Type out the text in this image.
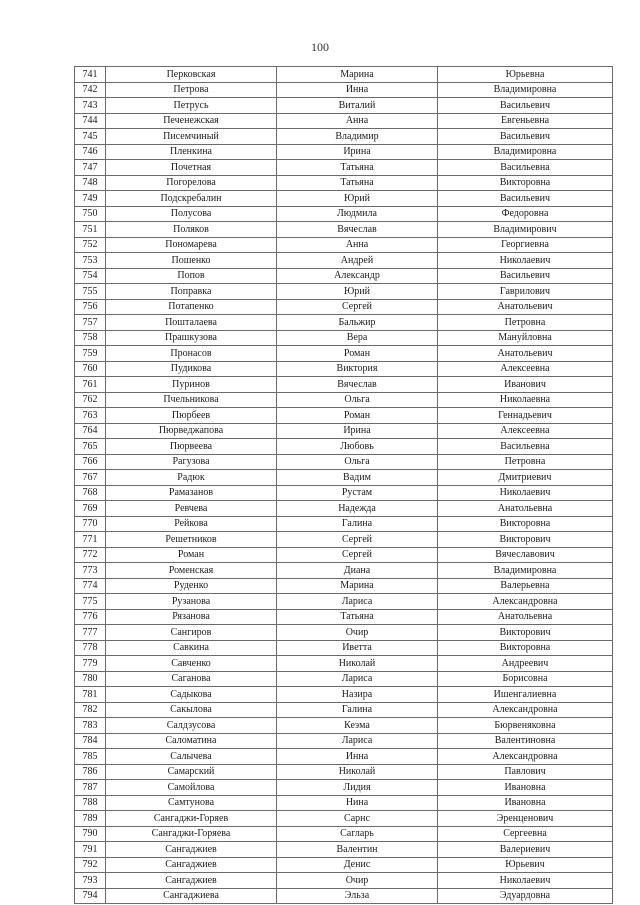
100
741	Перковская	Марина	Юрьевна
742	Петрова	Инна	Владимировна
743	Петрусь	Виталий	Васильевич
744	Печенежская	Анна	Евгеньевна
745	Писемчиный	Владимир	Васильевич
746	Пленкина	Ирина	Владимировна
747	Почетная	Татьяна	Васильевна
748	Погорелова	Татьяна	Викторовна
749	Подскребалин	Юрий	Васильевич
750	Полусова	Людмила	Федоровна
751	Поляков	Вячеслав	Владимирович
752	Пономарева	Анна	Георгиевна
753	Пошенко	Андрей	Николаевич
754	Попов	Александр	Васильевич
755	Поправка	Юрий	Гаврилович
756	Потапенко	Сергей	Анатольевич
757	Пошталаева	Бальжир	Петровна
758	Прашкузова	Вера	Мануйловна
759	Пронасов	Роман	Анатольевич
760	Пудикова	Виктория	Алексеевна
761	Пуринов	Вячеслав	Иванович
762	Пчельникова	Ольга	Николаевна
763	Пюрбеев	Роман	Геннадьевич
764	Пюрведжапова	Ирина	Алексеевна
765	Пюрвеева	Любовь	Васильевна
766	Рагузова	Ольга	Петровна
767	Радюк	Вадим	Дмитриевич
768	Рамазанов	Рустам	Николаевич
769	Ревчева	Надежда	Анатольевна
770	Рейкова	Галина	Викторовна
771	Решетников	Сергей	Викторович
772	Роман	Сергей	Вячеславович
773	Роменская	Диана	Владимировна
774	Руденко	Марина	Валерьевна
775	Рузанова	Лариса	Александровна
776	Рязанова	Татьяна	Анатольевна
777	Сангиров	Очир	Викторович
778	Савкина	Иветта	Викторовна
779	Савченко	Николай	Андреевич
780	Саганова	Лариса	Борисовна
781	Садыкова	Назира	Ишенгалиевна
782	Сакылова	Галина	Александровна
783	Салдзусова	Кеэма	Бюрвеняковна
784	Саломатина	Лариса	Валентиновна
785	Салычева	Инна	Александровна
786	Самарский	Николай	Павлович
787	Самойлова	Лидия	Ивановна
788	Самтунова	Нина	Ивановна
789	Сангаджи-Горяев	Сарнс	Эренценович
790	Сангаджи-Горяева	Сагларь	Сергеевна
791	Сангаджиев	Валентин	Валериевич
792	Сангаджиев	Денис	Юрьевич
793	Сангаджиев	Очир	Николаевич
794	Сангаджиева	Эльза	Эдуардовна
